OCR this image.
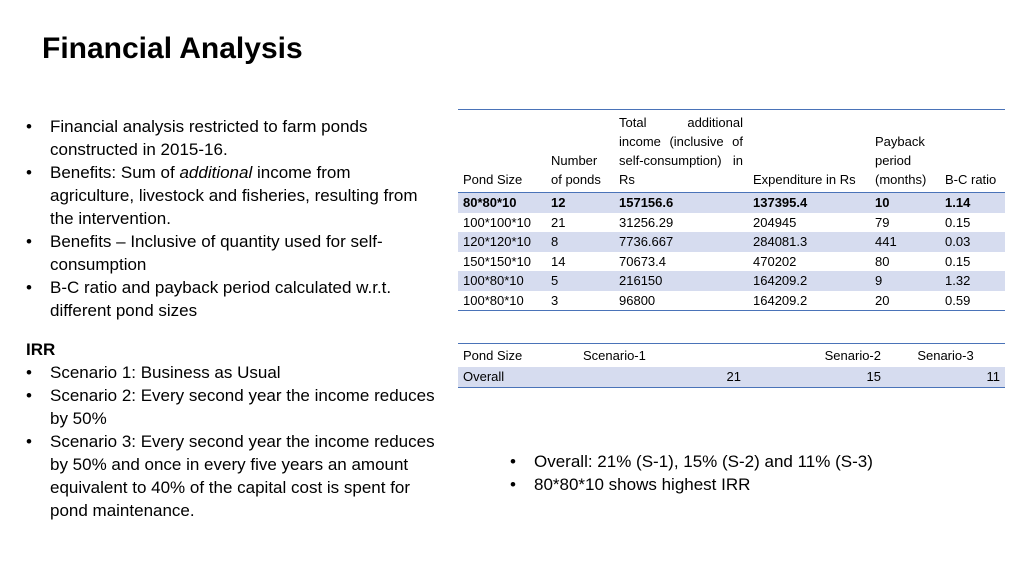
Financial Analysis
• Financial analysis restricted to farm ponds constructed in 2015-16.
• Benefits: Sum of additional income from agriculture, livestock and fisheries, resulting from the intervention.
• Benefits – Inclusive of quantity used for self-consumption
• B-C ratio and payback period calculated w.r.t. different pond sizes
IRR
• Scenario 1: Business as Usual
• Scenario 2: Every second year the income reduces by 50%
• Scenario 3: Every second year the income reduces by 50% and once in every five years an amount equivalent to 40% of the capital cost is spent for pond maintenance.
Pond Size	Number of ponds	Total additional income (inclusive of self-consumption) in Rs	Expenditure in Rs	Payback period (months)	B-C ratio
80*80*10	12	157156.6	137395.4	10	1.14
100*100*10	21	31256.29	204945	79	0.15
120*120*10	8	7736.667	284081.3	441	0.03
150*150*10	14	70673.4	470202	80	0.15
100*80*10	5	216150	164209.2	9	1.32
100*80*10	3	96800	164209.2	20	0.59
Pond Size	Scenario-1	Senario-2	Senario-3
Overall	21	15	11
• Overall: 21% (S-1), 15% (S-2) and 11% (S-3)
• 80*80*10 shows highest IRR
